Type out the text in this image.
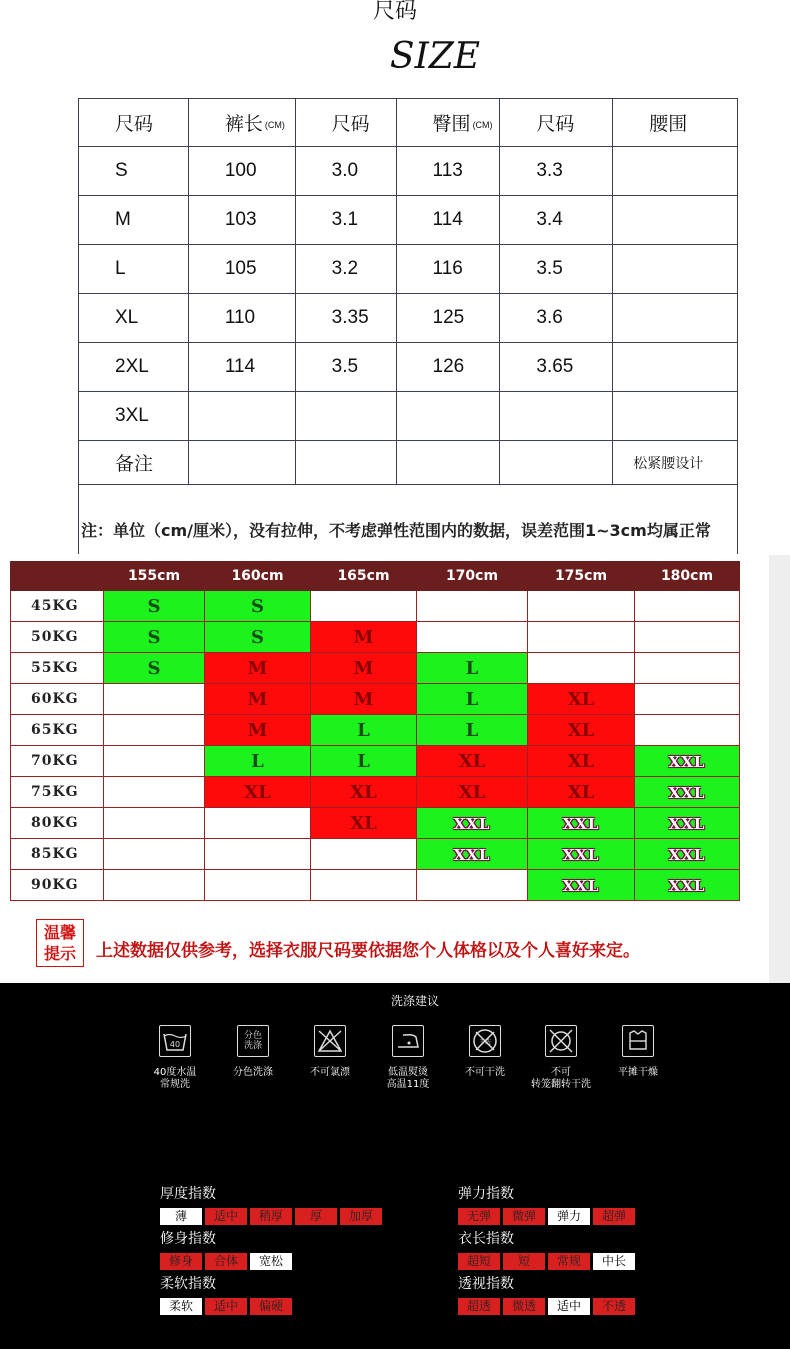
尺码
SIZE
尺码	裤长 (CM)	尺码	臀围 (CM)	尺码	腰围
S	100	3.0	113	3.3	
M	103	3.1	114	3.4	
L	105	3.2	116	3.5	
XL	110	3.35	125	3.6	
2XL	114	3.5	126	3.65	
3XL					
备注					松紧腰设计
注：单位（cm/厘米），没有拉伸，不考虑弹性范围内的数据，误差范围1~3cm均属正常
	155cm	160cm	165cm	170cm	175cm	180cm
45KG	S	S				
50KG	S	S	M			
55KG	S	M	M	L		
60KG		M	M	L	XL	
65KG		M	L	L	XL	
70KG		L	L	XL	XL	XXL
75KG		XL	XL	XL	XL	XXL
80KG			XL	XXL	XXL	XXL
85KG				XXL	XXL	XXL
90KG					XXL	XXL
温馨
提示	上述数据仅供参考，选择衣服尺码要依据您个人体格以及个人喜好来定。
洗涤建议
40
40度水温
常规洗
分色
洗涤
分色洗涤	不可氯漂	低温熨烫
高温11度
干洗
不可干洗	不可
转笼翻转干洗
平摊干燥
厚度指数
薄	适中	稍厚	厚	加厚
弹力指数
无弹	微弹	弹力	超弹
修身指数
修身	合体	宽松
衣长指数
超短	短	常规	中长
柔软指数
柔软	适中	偏硬
透视指数
超透	微透	适中	不透
